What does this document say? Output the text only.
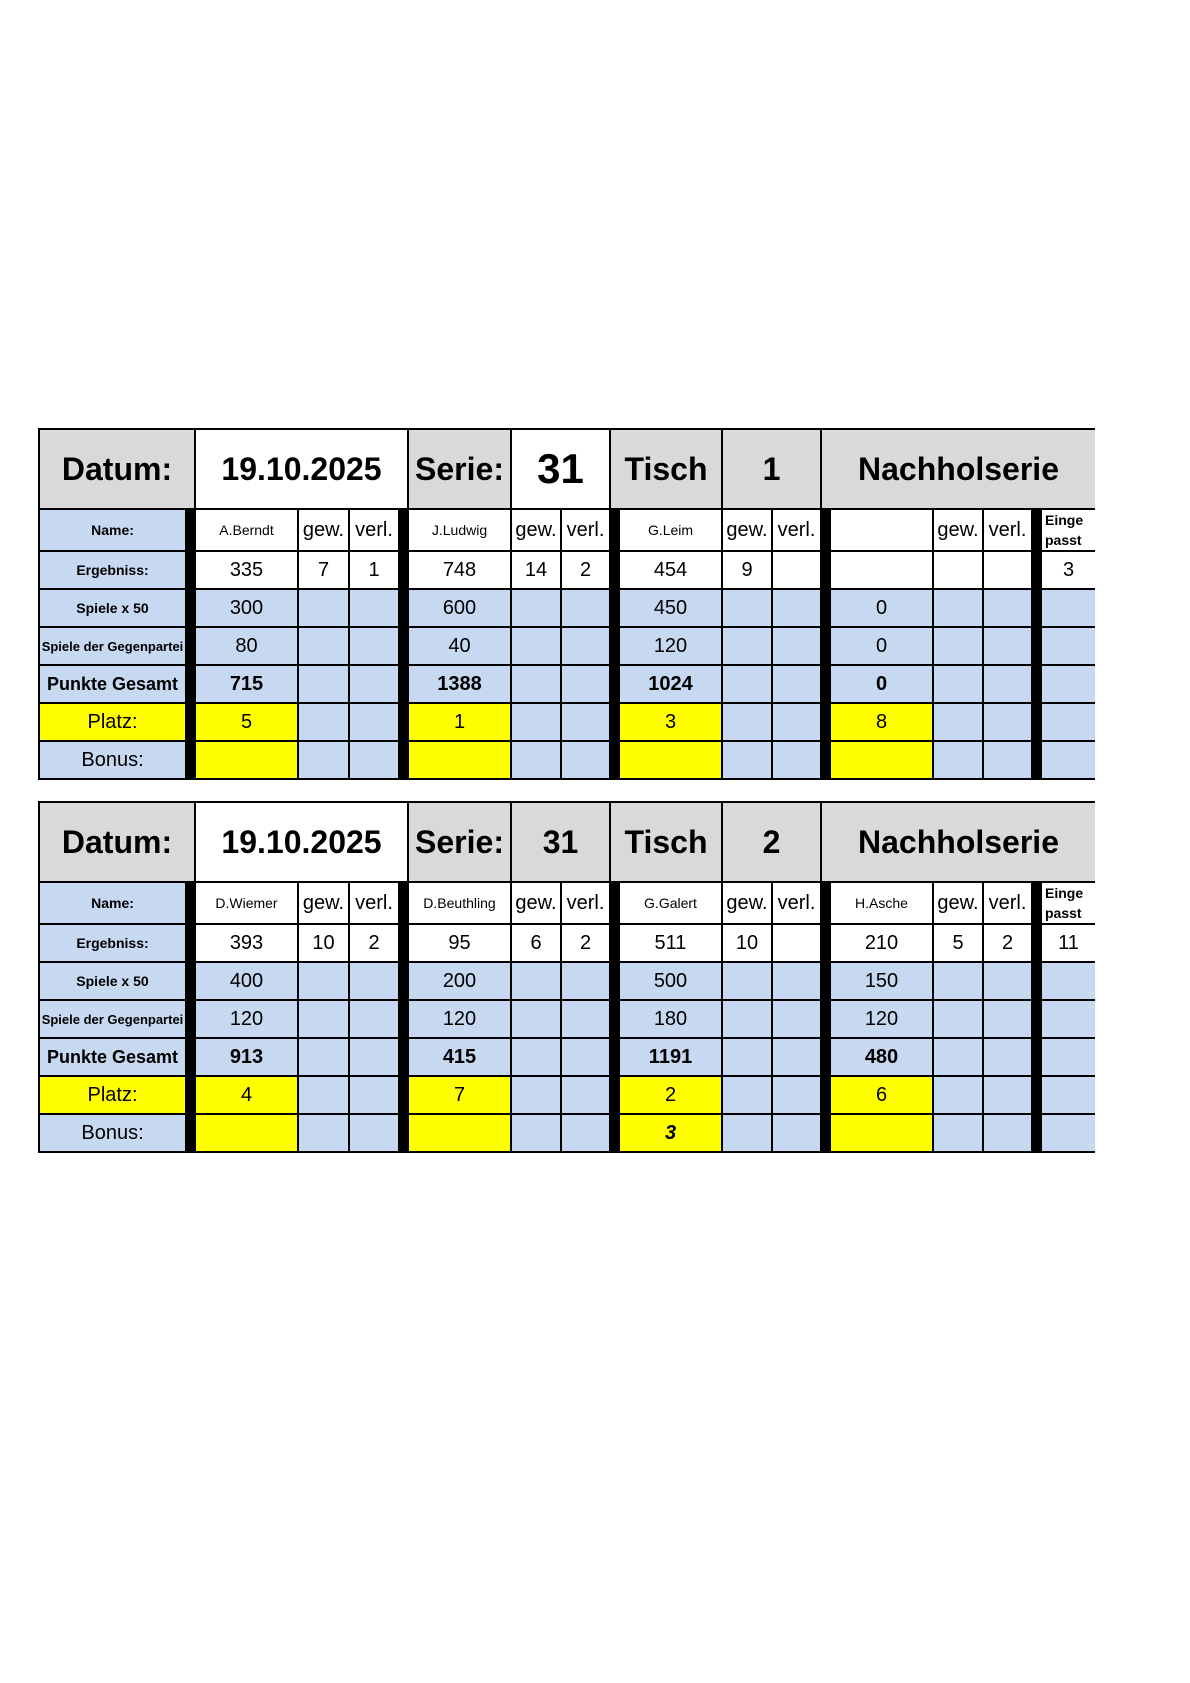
Datum:		19.10.2025				Serie:	31		Tisch		1		Nachholserie					
Name:		A.Berndt	gew.	verl.		J.Ludwig	gew.	verl.		G.Leim	gew.	verl.			gew.	verl.		Einge passt
Ergebniss:		335	7	1		748	14	2		454	9							3
Spiele x 50		300				600				450				0				
Spiele der Gegenpartei		80				40				120				0				
Punkte Gesamt		715				1388				1024				0				
Platz:		5				1				3				8				
Bonus:																		
Datum:		19.10.2025				Serie:	31		Tisch		2		Nachholserie					
Name:		D.Wiemer	gew.	verl.		D.Beuthling	gew.	verl.		G.Galert	gew.	verl.		H.Asche	gew.	verl.		Einge passt
Ergebniss:		393	10	2		95	6	2		511	10			210	5	2		11
Spiele x 50		400				200				500				150				
Spiele der Gegenpartei		120				120				180				120				
Punkte Gesamt		913				415				1191				480				
Platz:		4				7				2				6				
Bonus:										3								
